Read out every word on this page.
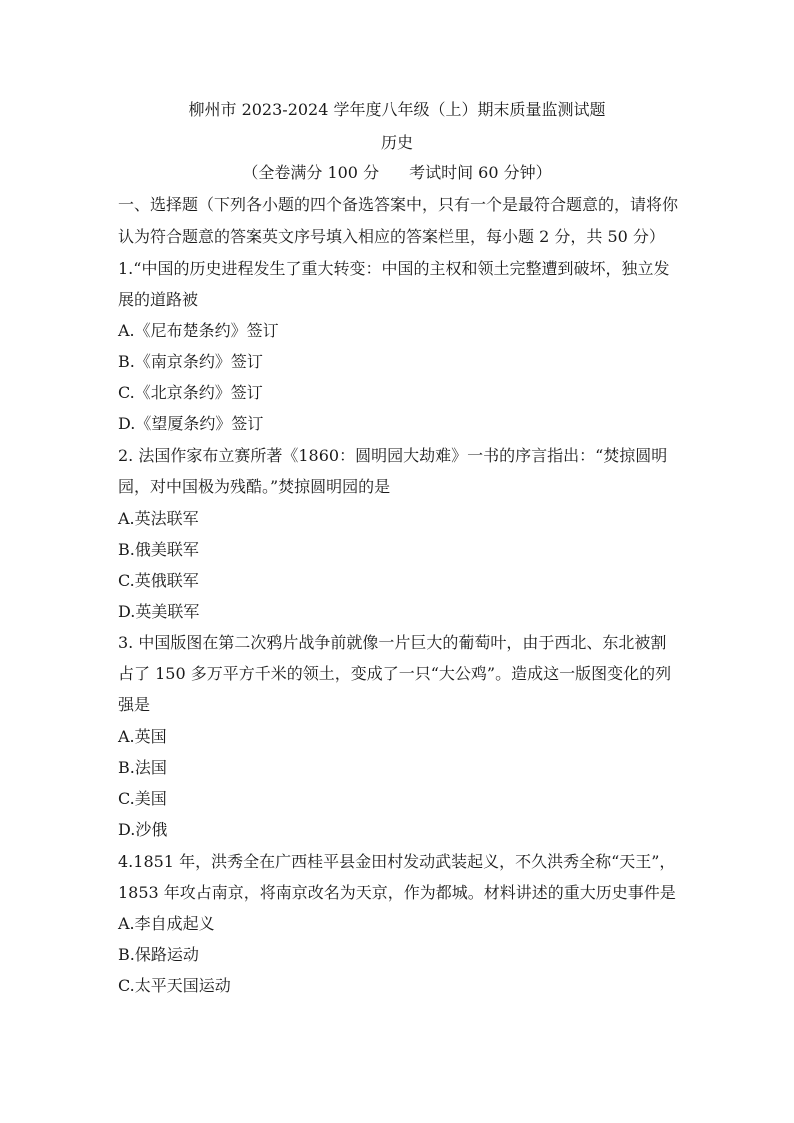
柳州市 2023-2024 学年度八年级（上）期末质量监测试题
历史
（全卷满分 100 分 考试时间 60 分钟）
一、选择题（下列各小题的四个备选答案中，只有一个是最符合题意的，请将你
认为符合题意的答案英文序号填入相应的答案栏里，每小题 2 分，共 50 分）
1.“中国的历史进程发生了重大转变：中国的主权和领土完整遭到破坏，独立发
展的道路被
A.《尼布楚条约》签订
B.《南京条约》签订
C.《北京条约》签订
D.《望厦条约》签订
2. 法国作家布立赛所著《1860：圆明园大劫难》一书的序言指出：“焚掠圆明
园，对中国极为残酷。”焚掠圆明园的是
A.英法联军
B.俄美联军
C.英俄联军
D.英美联军
3. 中国版图在第二次鸦片战争前就像一片巨大的葡萄叶，由于西北、东北被割
占了 150 多万平方千米的领土，变成了一只“大公鸡”。造成这一版图变化的列
强是
A.英国
B.法国
C.美国
D.沙俄
4.1851 年，洪秀全在广西桂平县金田村发动武装起义，不久洪秀全称“天王”，
1853 年攻占南京，将南京改名为天京，作为都城。材料讲述的重大历史事件是
A.李自成起义
B.保路运动
C.太平天国运动
